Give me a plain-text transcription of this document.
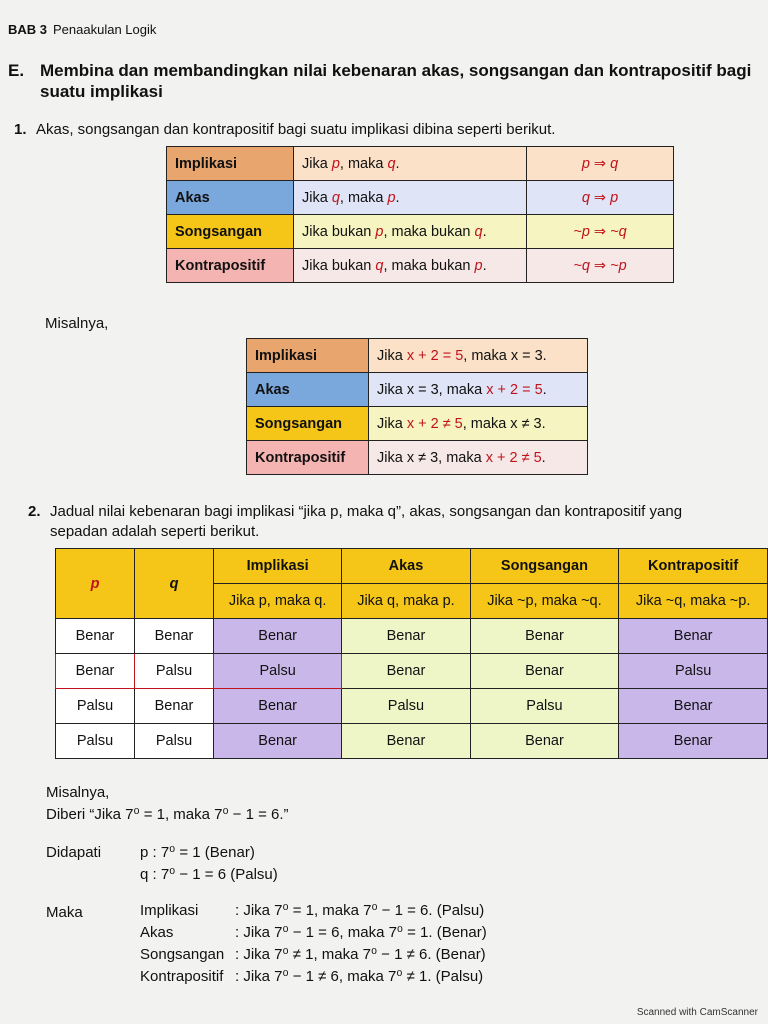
BAB 3 Penaakulan Logik
E. Membina dan membandingkan nilai kebenaran akas, songsangan dan kontrapositif bagi
suatu implikasi
1. Akas, songsangan dan kontrapositif bagi suatu implikasi dibina seperti berikut.
Implikasi	Jika p, maka q.	p ⇒ q
Akas	Jika q, maka p.	q ⇒ p
Songsangan	Jika bukan p, maka bukan q.	~p ⇒ ~q
Kontrapositif	Jika bukan q, maka bukan p.	~q ⇒ ~p
Misalnya,
Implikasi	Jika x + 2 = 5, maka x = 3.
Akas	Jika x = 3, maka x + 2 = 5.
Songsangan	Jika x + 2 ≠ 5, maka x ≠ 3.
Kontrapositif	Jika x ≠ 3, maka x + 2 ≠ 5.
2. Jadual nilai kebenaran bagi implikasi “jika p, maka q”, akas, songsangan dan kontrapositif yang
sepadan adalah seperti berikut.
p	q	Implikasi	Akas	Songsangan	Kontrapositif
		Jika p, maka q.	Jika q, maka p.	Jika ~p, maka ~q.	Jika ~q, maka ~p.
Benar	Benar	Benar	Benar	Benar	Benar
Benar	Palsu	Palsu	Benar	Benar	Palsu
Palsu	Benar	Benar	Palsu	Palsu	Benar
Palsu	Palsu	Benar	Benar	Benar	Benar
Misalnya,
Diberi “Jika 7⁰ = 1, maka 7⁰ − 1 = 6.”
Didapati	p : 7⁰ = 1 (Benar)
q : 7⁰ − 1 = 6 (Palsu)
Maka	Implikasi	: Jika 7⁰ = 1, maka 7⁰ − 1 = 6. (Palsu)
Akas	: Jika 7⁰ − 1 = 6, maka 7⁰ = 1. (Benar)
Songsangan : Jika 7⁰ ≠ 1, maka 7⁰ − 1 ≠ 6. (Benar)
Kontrapositif : Jika 7⁰ − 1 ≠ 6, maka 7⁰ ≠ 1. (Palsu)
Scanned with CamScanner
